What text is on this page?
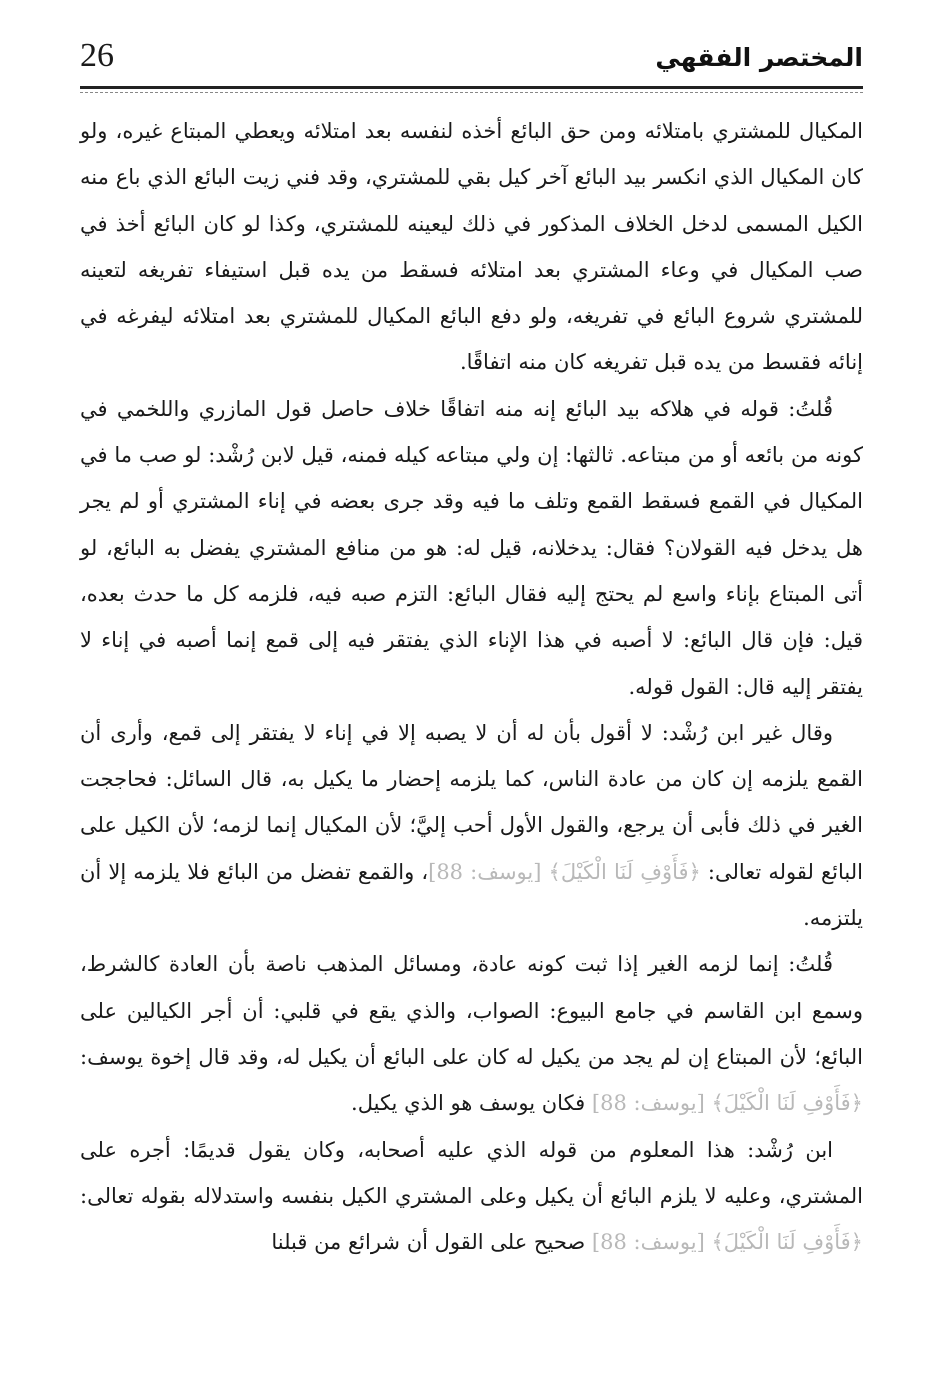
26	المختصر الفقهي

المكيال للمشتري بامتلائه ومن حق البائع أخذه لنفسه بعد امتلائه ويعطي المبتاع غيره، ولو كان المكيال الذي انكسر بيد البائع آخر كيل بقي للمشتري، وقد فني زيت البائع الذي باع منه الكيل المسمى لدخل الخلاف المذكور في ذلك ليعينه للمشتري، وكذا لو كان البائع أخذ في صب المكيال في وعاء المشتري بعد امتلائه فسقط من يده قبل استيفاء تفريغه لتعينه للمشتري شروع البائع في تفريغه، ولو دفع البائع المكيال للمشتري بعد امتلائه ليفرغه في إنائه فقسط من يده قبل تفريغه كان منه اتفاقًا.

قُلتُ: قوله في هلاكه بيد البائع إنه منه اتفاقًا خلاف حاصل قول المازري واللخمي في كونه من بائعه أو من مبتاعه. ثالثها: إن ولي مبتاعه كيله فمنه، قيل لابن رُشْد: لو صب ما في المكيال في القمع فسقط القمع وتلف ما فيه وقد جرى بعضه في إناء المشتري أو لم يجر هل يدخل فيه القولان؟ فقال: يدخلانه، قيل له: هو من منافع المشتري يفضل به البائع، لو أتى المبتاع بإناء واسع لم يحتج إليه فقال البائع: التزم صبه فيه، فلزمه كل ما حدث بعده، قيل: فإن قال البائع: لا أصبه في هذا الإناء الذي يفتقر فيه إلى قمع إنما أصبه في إناء لا يفتقر إليه قال: القول قوله.

وقال غير ابن رُشْد: لا أقول بأن له أن لا يصبه إلا في إناء لا يفتقر إلى قمع، وأرى أن القمع يلزمه إن كان من عادة الناس، كما يلزمه إحضار ما يكيل به، قال السائل: فحاججت الغير في ذلك فأبى أن يرجع، والقول الأول أحب إليَّ؛ لأن المكيال إنما لزمه؛ لأن الكيل على البائع لقوله تعالى: ﴿فَأَوْفِ لَنَا الْكَيْلَ﴾ [يوسف: 88]، والقمع تفضل من البائع فلا يلزمه إلا أن يلتزمه.

قُلتُ: إنما لزمه الغير إذا ثبت كونه عادة، ومسائل المذهب ناصة بأن العادة كالشرط، وسمع ابن القاسم في جامع البيوع: الصواب، والذي يقع في قلبي: أن أجر الكيالين على البائع؛ لأن المبتاع إن لم يجد من يكيل له كان على البائع أن يكيل له، وقد قال إخوة يوسف: ﴿فَأَوْفِ لَنَا الْكَيْلَ﴾ [يوسف: 88] فكان يوسف هو الذي يكيل.

ابن رُشْد: هذا المعلوم من قوله الذي عليه أصحابه، وكان يقول قديمًا: أجره على المشتري، وعليه لا يلزم البائع أن يكيل وعلى المشتري الكيل بنفسه واستدلاله بقوله تعالى: ﴿فَأَوْفِ لَنَا الْكَيْلَ﴾ [يوسف: 88] صحيح على القول أن شرائع من قبلنا
